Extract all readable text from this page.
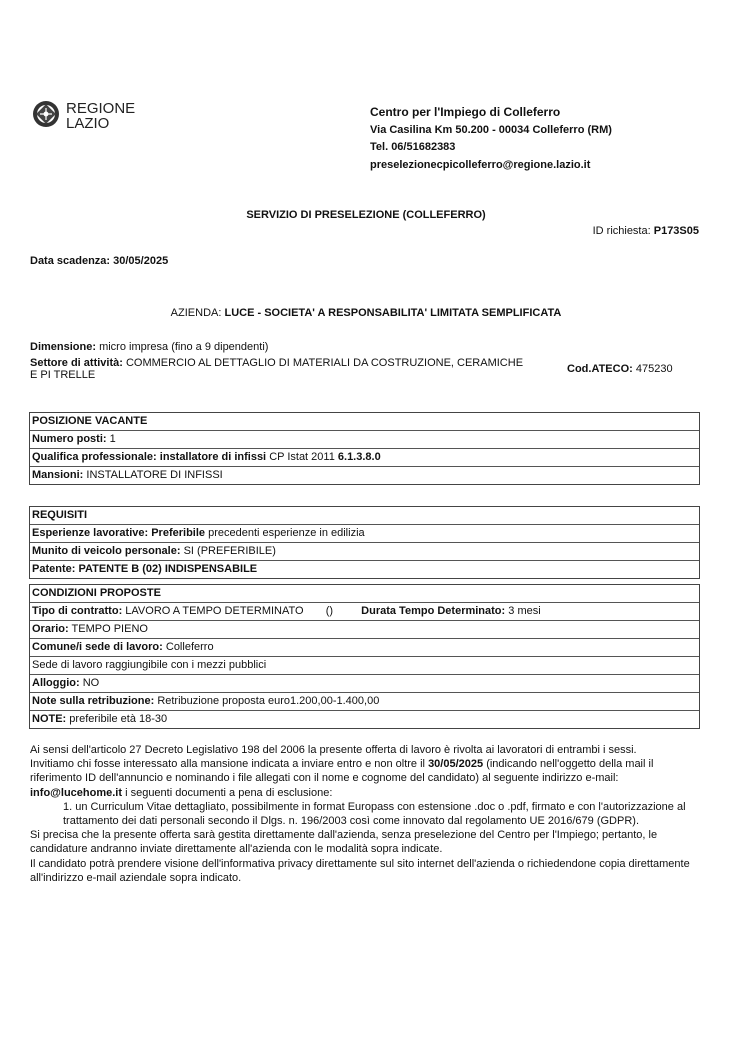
REGIONE
LAZIO
Centro per l'Impiego di Colleferro
Via Casilina Km 50.200 - 00034 Colleferro (RM)
Tel. 06/51682383
preselezionecpicolleferro@regione.lazio.it
SERVIZIO DI PRESELEZIONE (COLLEFERRO)
ID richiesta: P173S05
Data scadenza: 30/05/2025
AZIENDA: LUCE - SOCIETA' A RESPONSABILITA' LIMITATA SEMPLIFICATA
Dimensione: micro impresa (fino a 9 dipendenti)
Settore di attività: COMMERCIO AL DETTAGLIO DI MATERIALI DA COSTRUZIONE, CERAMICHE
E PI TRELLE	Cod.ATECO: 475230
POSIZIONE VACANTE
Numero posti: 1
Qualifica professionale: installatore di infissi CP Istat 2011 6.1.3.8.0
Mansioni: INSTALLATORE DI INFISSI
REQUISITI
Esperienze lavorative: Preferibile precedenti esperienze in edilizia
Munito di veicolo personale: SI (PREFERIBILE)
Patente: PATENTE B (02) INDISPENSABILE
CONDIZIONI PROPOSTE
Tipo di contratto: LAVORO A TEMPO DETERMINATO ()	Durata Tempo Determinato: 3 mesi
Orario: TEMPO PIENO
Comune/i sede di lavoro: Colleferro
Sede di lavoro raggiungibile con i mezzi pubblici
Alloggio: NO
Note sulla retribuzione: Retribuzione proposta euro1.200,00-1.400,00
NOTE: preferibile età 18-30

Ai sensi dell'articolo 27 Decreto Legislativo 198 del 2006 la presente offerta di lavoro è rivolta ai lavoratori di entrambi i sessi.

Invitiamo chi fosse interessato alla mansione indicata a inviare entro e non oltre il 30/05/2025 (indicando nell'oggetto della mail il

riferimento ID dell'annuncio e nominando i file allegati con il nome e cognome del candidato) al seguente indirizzo e-mail:

info@lucehome.it i seguenti documenti a pena di esclusione:

1. un Curriculum Vitae dettagliato, possibilmente in format Europass con estensione .doc o .pdf, firmato e con l'autorizzazione al

trattamento dei dati personali secondo il Dlgs. n. 196/2003 così come innovato dal regolamento UE 2016/679 (GDPR).

Si precisa che la presente offerta sarà gestita direttamente dall'azienda, senza preselezione del Centro per l'Impiego; pertanto, le

candidature andranno inviate direttamente all'azienda con le modalità sopra indicate.

Il candidato potrà prendere visione dell'informativa privacy direttamente sul sito internet dell'azienda o richiedendone copia direttamente

all'indirizzo e-mail aziendale sopra indicato.
